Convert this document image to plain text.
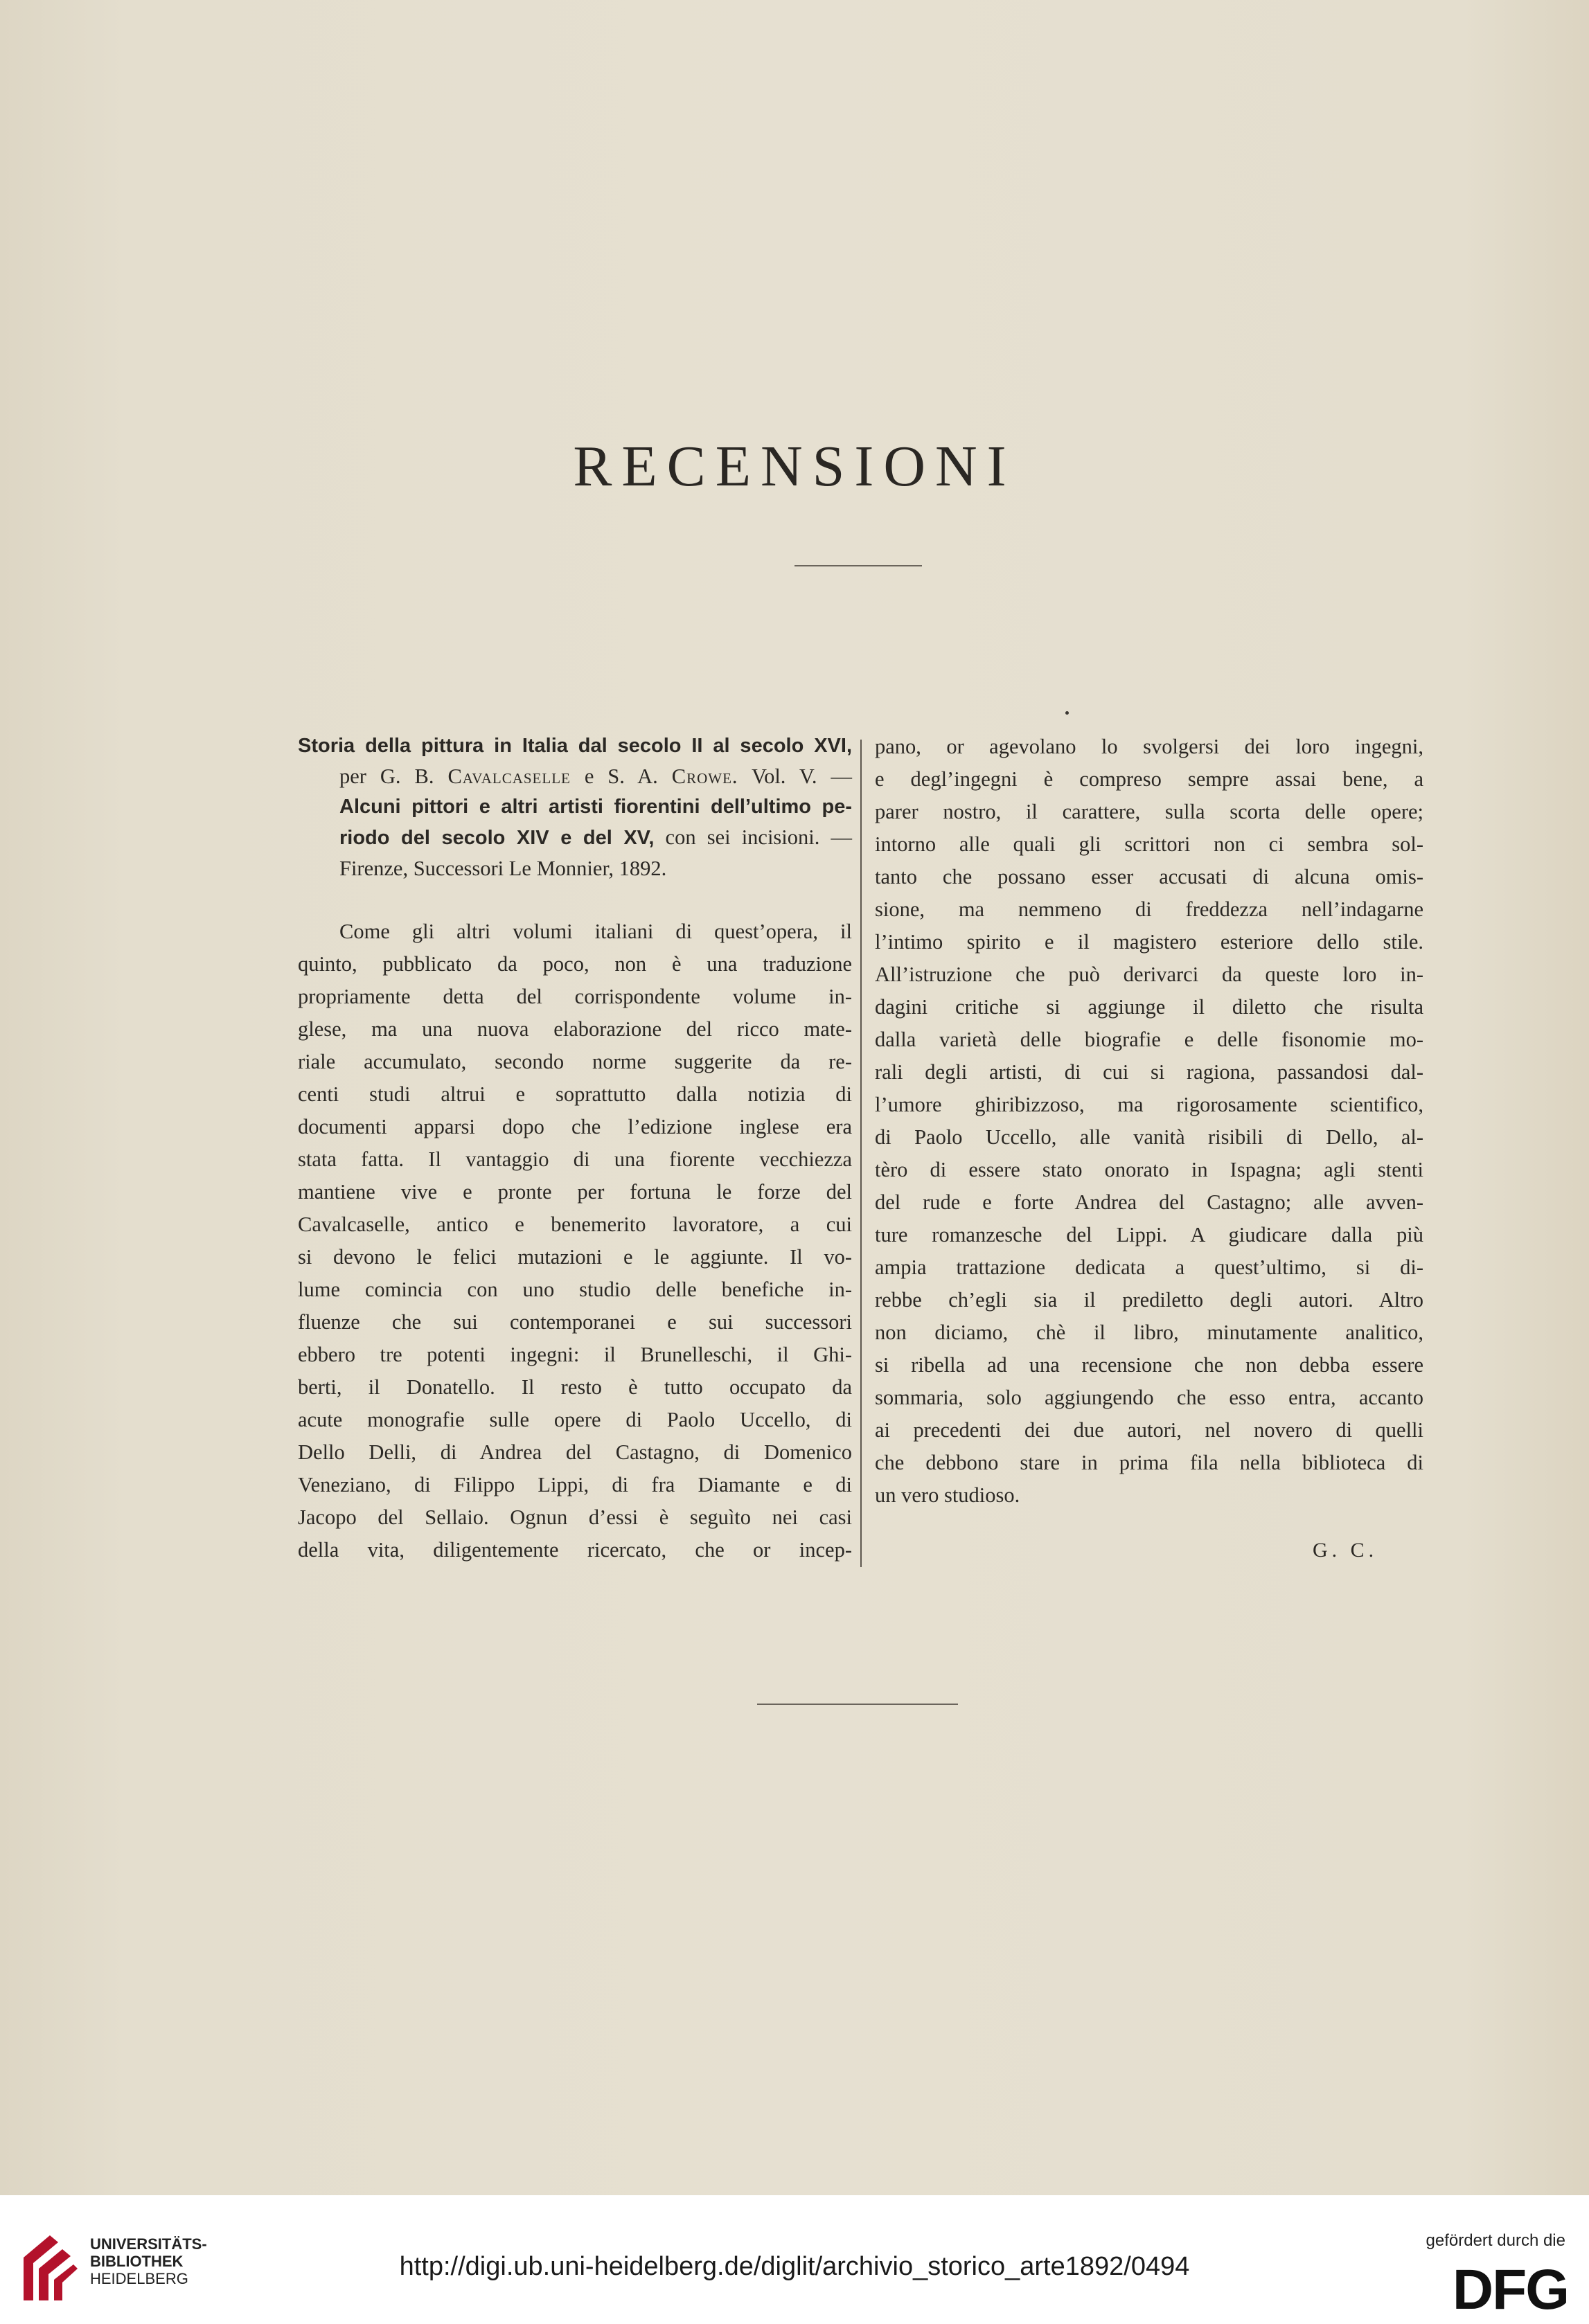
RECENSIONI
Storia della pittura in Italia dal secolo II al secolo XVI,
per G. B. Cavalcaselle e S. A. Crowe. Vol. V. —
Alcuni pittori e altri artisti fiorentini dell’ultimo pe-
riodo del secolo XIV e del XV, con sei incisioni. —
Firenze, Successori Le Monnier, 1892.
Come gli altri volumi italiani di quest’opera, il
quinto, pubblicato da poco, non è una traduzione
propriamente detta del corrispondente volume in-
glese, ma una nuova elaborazione del ricco mate-
riale accumulato, secondo norme suggerite da re-
centi studi altrui e soprattutto dalla notizia di
documenti apparsi dopo che l’edizione inglese era
stata fatta. Il vantaggio di una fiorente vecchiezza
mantiene vive e pronte per fortuna le forze del
Cavalcaselle, antico e benemerito lavoratore, a cui
si devono le felici mutazioni e le aggiunte. Il vo-
lume comincia con uno studio delle benefiche in-
fluenze che sui contemporanei e sui successori
ebbero tre potenti ingegni: il Brunelleschi, il Ghi-
berti, il Donatello. Il resto è tutto occupato da
acute monografie sulle opere di Paolo Uccello, di
Dello Delli, di Andrea del Castagno, di Domenico
Veneziano, di Filippo Lippi, di fra Diamante e di
Jacopo del Sellaio. Ognun d’essi è seguìto nei casi
della vita, diligentemente ricercato, che or incep-
pano, or agevolano lo svolgersi dei loro ingegni,
e degl’ingegni è compreso sempre assai bene, a
parer nostro, il carattere, sulla scorta delle opere;
intorno alle quali gli scrittori non ci sembra sol-
tanto che possano esser accusati di alcuna omis-
sione, ma nemmeno di freddezza nell’indagarne
l’intimo spirito e il magistero esteriore dello stile.
All’istruzione che può derivarci da queste loro in-
dagini critiche si aggiunge il diletto che risulta
dalla varietà delle biografie e delle fisonomie mo-
rali degli artisti, di cui si ragiona, passandosi dal-
l’umore ghiribizzoso, ma rigorosamente scientifico,
di Paolo Uccello, alle vanità risibili di Dello, al-
tèro di essere stato onorato in Ispagna; agli stenti
del rude e forte Andrea del Castagno; alle avven-
ture romanzesche del Lippi. A giudicare dalla più
ampia trattazione dedicata a quest’ultimo, si di-
rebbe ch’egli sia il prediletto degli autori. Altro
non diciamo, chè il libro, minutamente analitico,
si ribella ad una recensione che non debba essere
sommaria, solo aggiungendo che esso entra, accanto
ai precedenti dei due autori, nel novero di quelli
che debbono stare in prima fila nella biblioteca di
un vero studioso.
G. C.
UNIVERSITÄTS-
BIBLIOTHEK
HEIDELBERG	http://digi.ub.uni-heidelberg.de/diglit/archivio_storico_arte1892/0494
gefördert durch die
DFG
